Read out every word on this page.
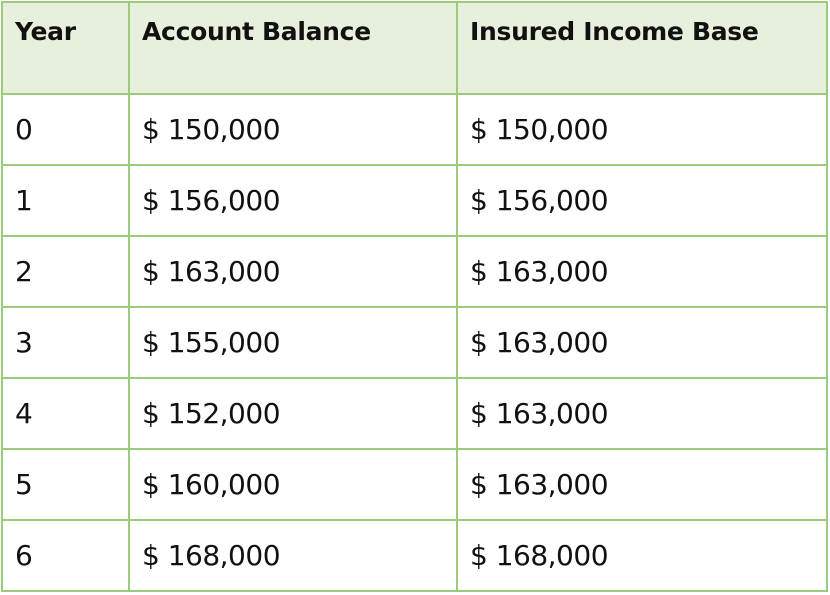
Year	Account Balance	Insured Income Base
0	$ 150,000	$ 150,000
1	$ 156,000	$ 156,000
2	$ 163,000	$ 163,000
3	$ 155,000	$ 163,000
4	$ 152,000	$ 163,000
5	$ 160,000	$ 163,000
6	$ 168,000	$ 168,000
